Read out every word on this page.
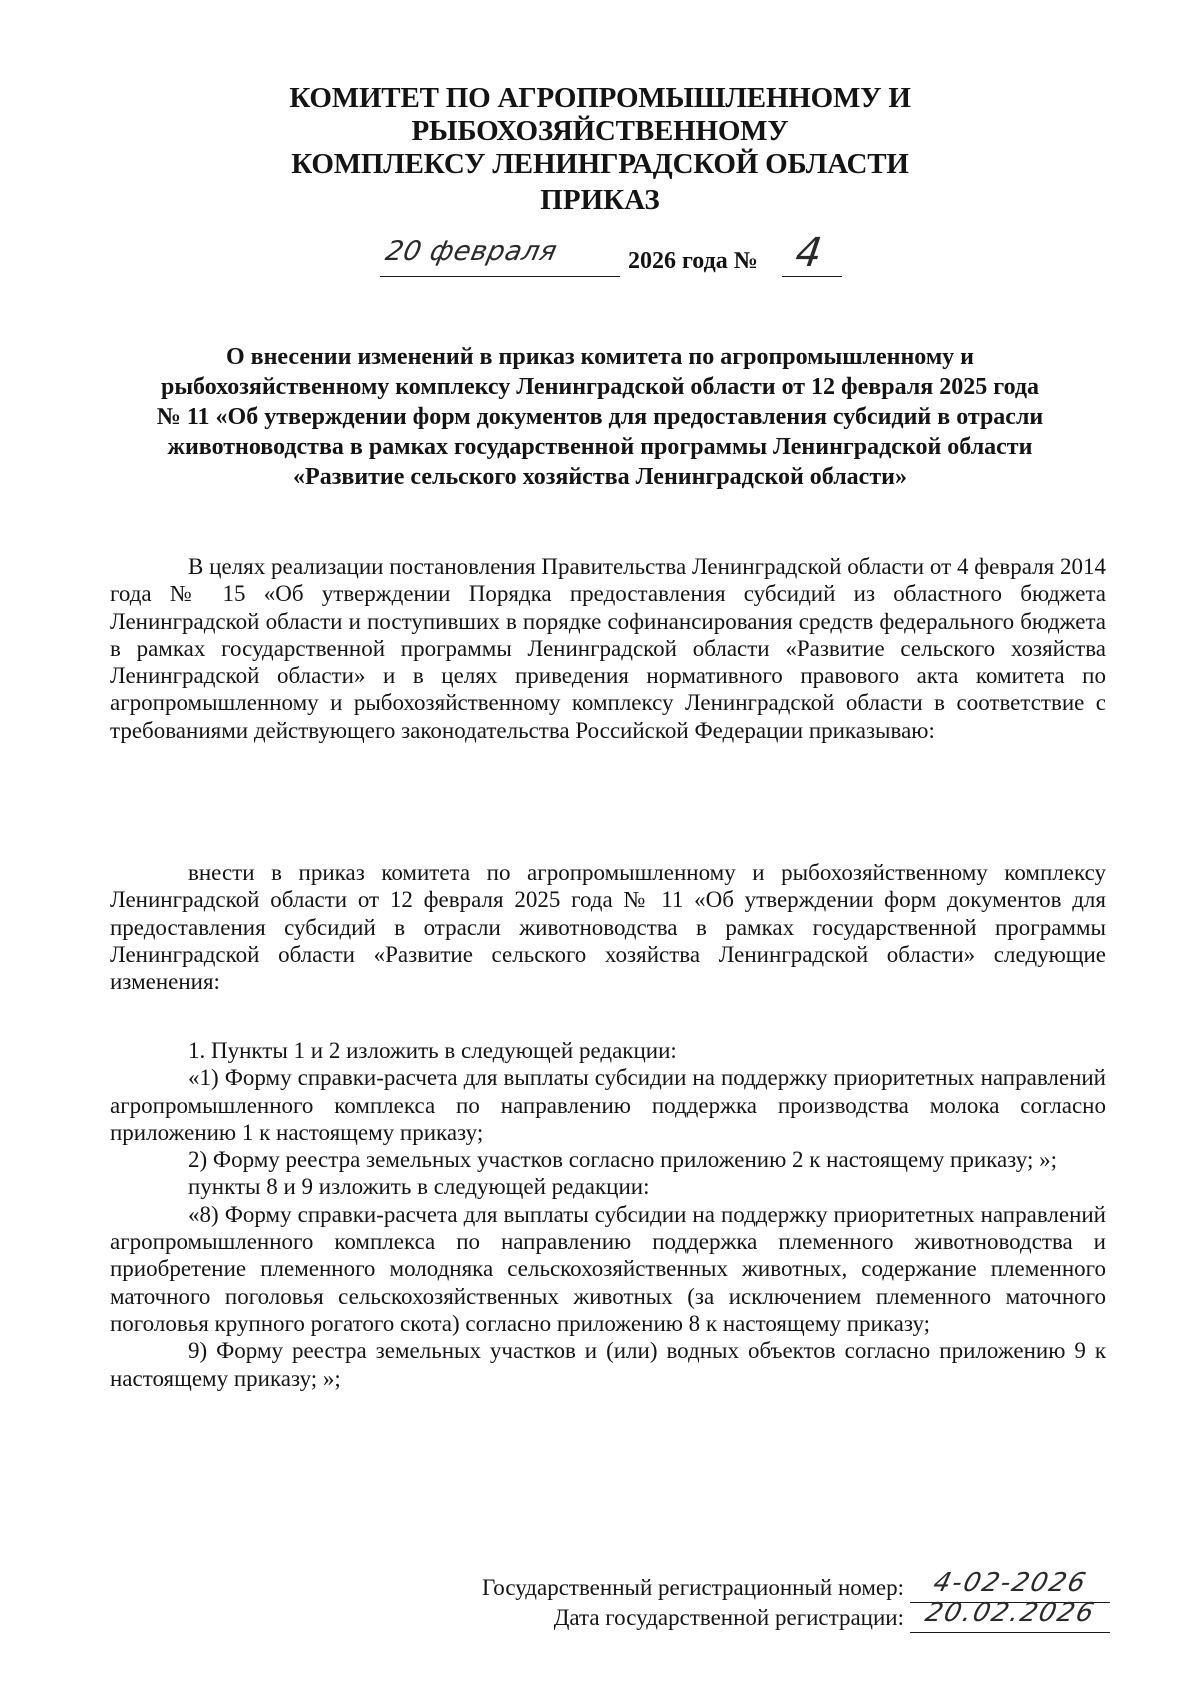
КОМИТЕТ ПО АГРОПРОМЫШЛЕННОМУ И РЫБОХОЗЯЙСТВЕННОМУ
КОМПЛЕКСУ ЛЕНИНГРАДСКОЙ ОБЛАСТИ
ПРИКАЗ
20 февраля	2026 года № 4
О внесении изменений в приказ комитета по агропромышленному и
рыбохозяйственному комплексу Ленинградской области от 12 февраля 2025 года
№ 11 «Об утверждении форм документов для предоставления субсидий в отрасли
животноводства в рамках государственной программы Ленинградской области
«Развитие сельского хозяйства Ленинградской области»

В целях реализации постановления Правительства Ленинградской области от 4 февраля 2014 года № 15 «Об утверждении Порядка предоставления субсидий из областного бюджета Ленинградской области и поступивших в порядке софинансирования средств федерального бюджета в рамках государственной программы Ленинградской области «Развитие сельского хозяйства Ленинградской области» и в целях приведения нормативного правового акта комитета по агропромышленному и рыбохозяйственному комплексу Ленинградской области в соответствие с требованиями действующего законодательства Российской Федерации приказываю:

внести в приказ комитета по агропромышленному и рыбохозяйственному комплексу Ленинградской области от 12 февраля 2025 года № 11 «Об утверждении форм документов для предоставления субсидий в отрасли животноводства в рамках государственной программы Ленинградской области «Развитие сельского хозяйства Ленинградской области» следующие изменения:

1. Пункты 1 и 2 изложить в следующей редакции:

«1) Форму справки-расчета для выплаты субсидии на поддержку приоритетных направлений агропромышленного комплекса по направлению поддержка производства молока согласно приложению 1 к настоящему приказу;

2) Форму реестра земельных участков согласно приложению 2 к настоящему приказу; »;

пункты 8 и 9 изложить в следующей редакции:

«8) Форму справки-расчета для выплаты субсидии на поддержку приоритетных направлений агропромышленного комплекса по направлению поддержка племенного животноводства и приобретение племенного молодняка сельскохозяйственных животных, содержание племенного маточного поголовья сельскохозяйственных животных (за исключением племенного маточного поголовья крупного рогатого скота) согласно приложению 8 к настоящему приказу;

9) Форму реестра земельных участков и (или) водных объектов согласно приложению 9 к настоящему приказу; »;

Государственный регистрационный номер: 4-02-2026
Дата государственной регистрации: 20.02.2026
